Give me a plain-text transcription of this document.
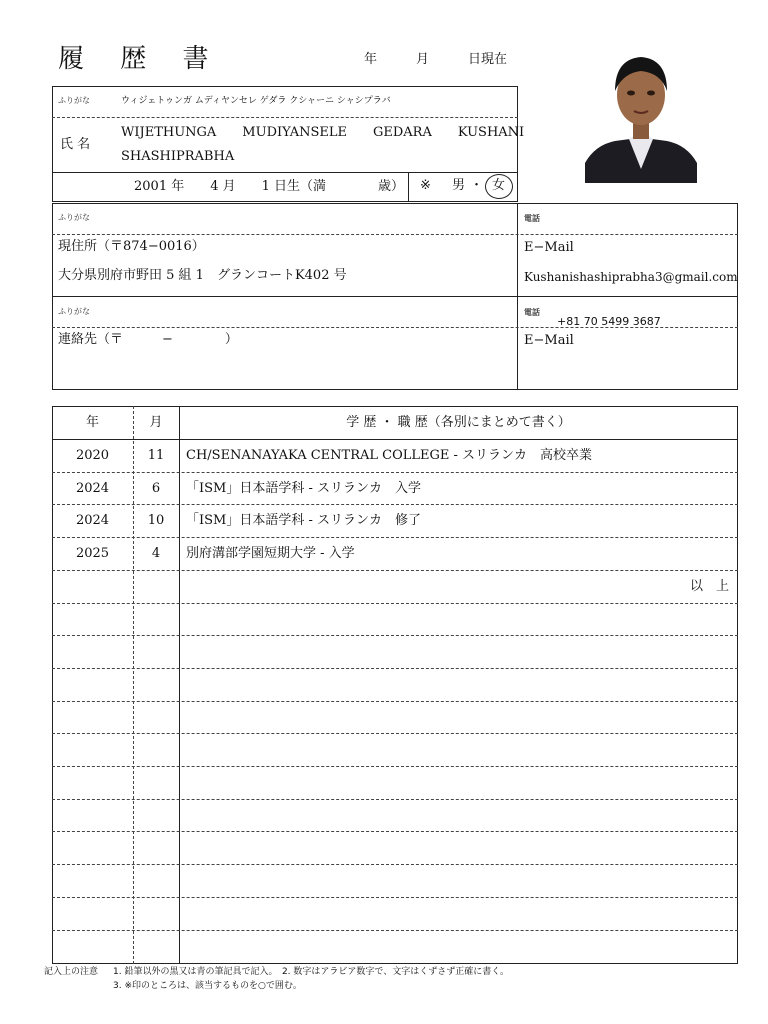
履 歴 書	年　　　月　　　日現在
ふりがな	ウィジェトゥンガ ムディヤンセレ ゲダラ クシャーニ シャシプラバ
氏 名
WIJETHUNGA　　MUDIYANSELE　　GEDARA　　KUSHANI
SHASHIPRABHA
2001 年　　4 月　　1 日生（満　　　　歳） ※ 男 ・ 女
ふりがな
現住所（〒874−0016）
大分県別府市野田 5 組 1　グランコートK402 号
電話
E−Mail
Kushanishashiprabha3@gmail.com
ふりがな
連絡先（〒　　　−　　　　）
電話
+81 70 5499 3687
E−Mail
年	月	学 歴 ・ 職 歴（各別にまとめて書く）
2020	11	CH/SENANAYAKA CENTRAL COLLEGE - スリランカ　高校卒業
2024	6	「ISM」日本語学科 - スリランカ　入学
2024	10	「ISM」日本語学科 - スリランカ　修了
2025	4	別府溝部学園短期大学 - 入学
以　上
記入上の注意 1. 鉛筆以外の黒又は青の筆記具で記入。　2. 数字はアラビア数字で、文字はくずさず正確に書く。
3. ※印のところは、該当するものを○で囲む。
